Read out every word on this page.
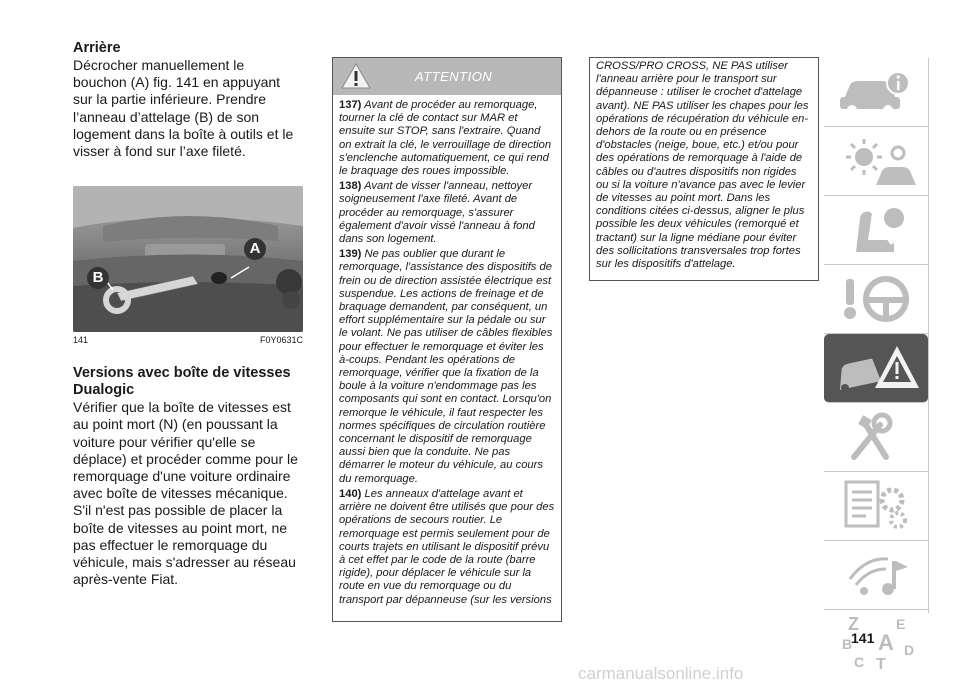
Arrière

Décrocher manuellement le bouchon (A) fig. 141 en appuyant sur la partie inférieure. Prendre l’anneau d’attelage (B) de son logement dans la boîte à outils et le visser à fond sur l’axe fileté.

A
B
141	F0Y0631C
Versions avec boîte de vitesses Dualogic

Vérifier que la boîte de vitesses est au point mort (N) (en poussant la voiture pour vérifier qu'elle se déplace) et procéder comme pour le remorquage d'une voiture ordinaire avec boîte de vitesses mécanique. S'il n'est pas possible de placer la boîte de vitesses au point mort, ne pas effectuer le remorquage du véhicule, mais s'adresser au réseau après-vente Fiat.

ATTENTION

137) Avant de procéder au remorquage, tourner la clé de contact sur MAR et ensuite sur STOP, sans l'extraire. Quand on extrait la clé, le verrouillage de direction s'enclenche automatiquement, ce qui rend le braquage des roues impossible.

138) Avant de visser l'anneau, nettoyer soigneusement l'axe fileté. Avant de procéder au remorquage, s'assurer également d'avoir vissé l'anneau à fond dans son logement.

139) Ne pas oublier que durant le remorquage, l'assistance des dispositifs de frein ou de direction assistée électrique est suspendue. Les actions de freinage et de braquage demandent, par conséquent, un effort supplémentaire sur la pédale ou sur le volant. Ne pas utiliser de câbles flexibles pour effectuer le remorquage et éviter les à-coups. Pendant les opérations de remorquage, vérifier que la fixation de la boule à la voiture n'endommage pas les composants qui sont en contact. Lorsqu'on remorque le véhicule, il faut respecter les normes spécifiques de circulation routière concernant le dispositif de remorquage aussi bien que la conduite. Ne pas démarrer le moteur du véhicule, au cours du remorquage.

140) Les anneaux d'attelage avant et arrière ne doivent être utilisés que pour des opérations de secours routier. Le remorquage est permis seulement pour de courts trajets en utilisant le dispositif prévu à cet effet par le code de la route (barre rigide), pour déplacer le véhicule sur la route en vue du remorquage ou du transport par dépanneuse (sur les versions

CROSS/PRO CROSS, NE PAS utiliser l'anneau arrière pour le transport sur dépanneuse : utiliser le crochet d'attelage avant). NE PAS utiliser les chapes pour les opérations de récupération du véhicule en-dehors de la route ou en présence d'obstacles (neige, boue, etc.) et/ou pour des opérations de remorquage à l'aide de câbles ou d'autres dispositifs non rigides ou si la voiture n'avance pas avec le levier de vitesses au point mort. Dans les conditions citées ci-dessus, aligner le plus possible les deux véhicules (remorqué et tractant) sur la ligne médiane pour éviter des sollicitations transversales trop fortes sur les dispositifs d'attelage.

Z	E
B A
C
D
T
141
carmanualsonline.info
